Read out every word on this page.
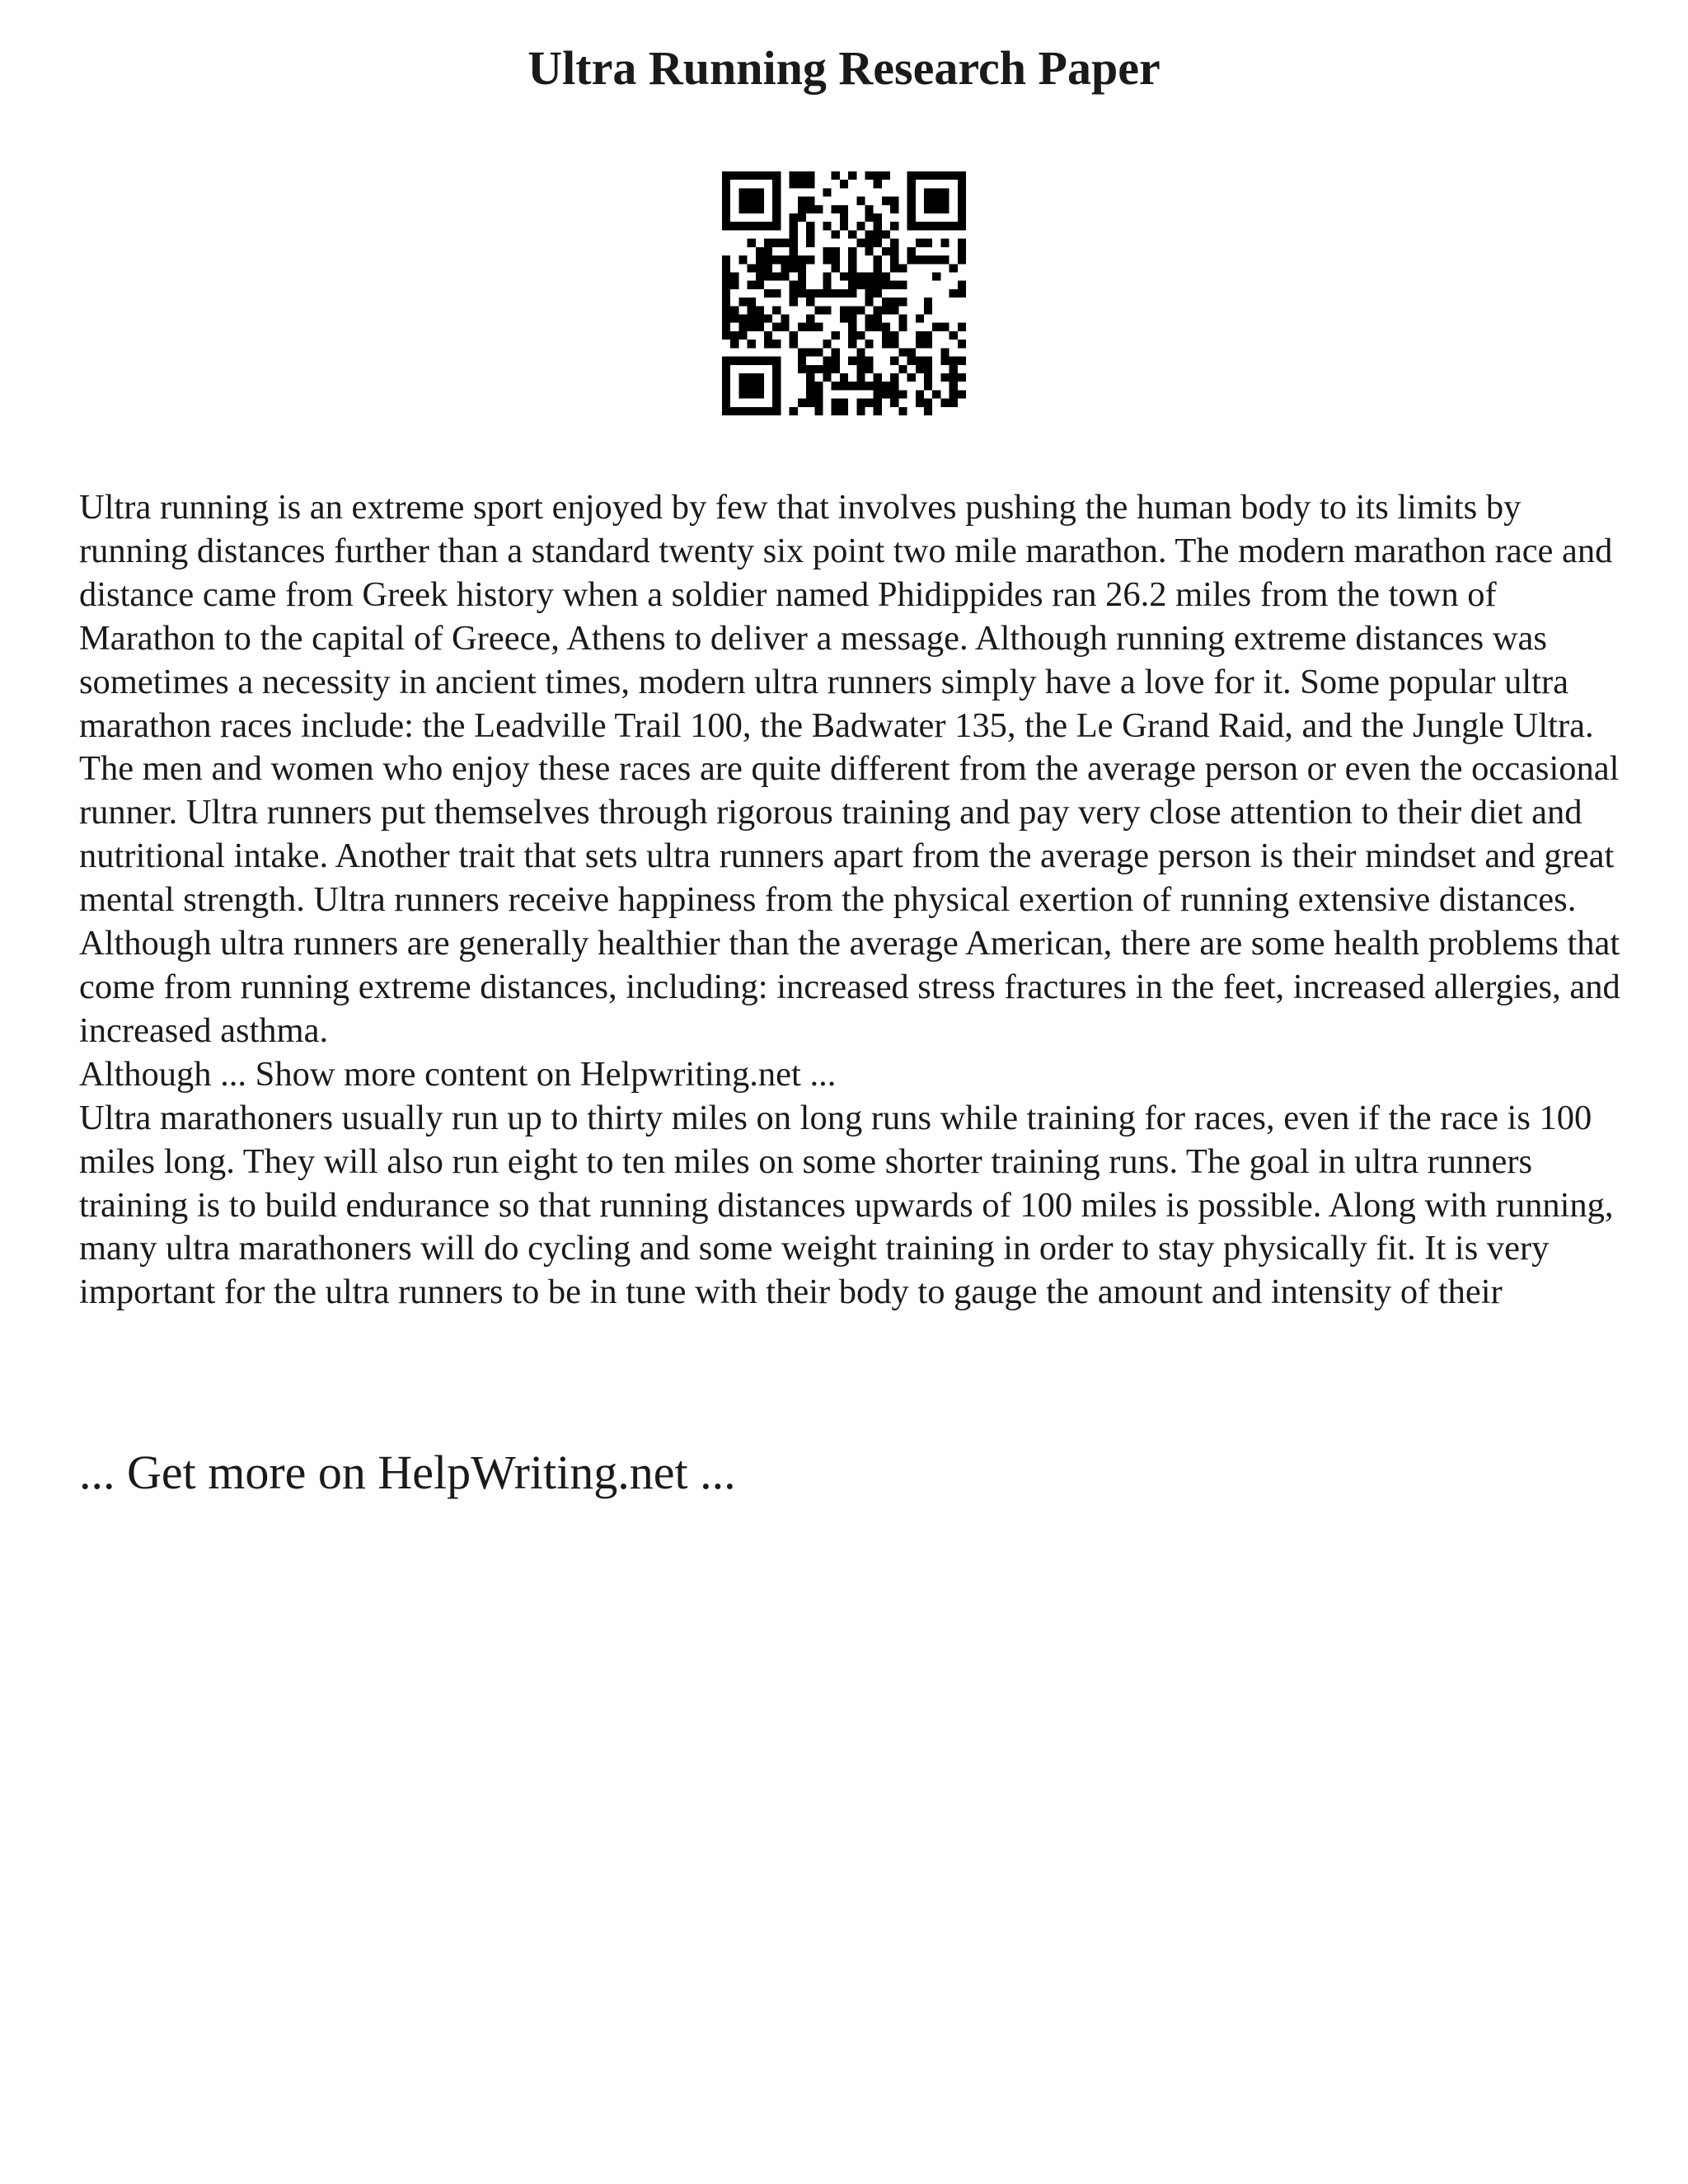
Ultra Running Research Paper

Ultra running is an extreme sport enjoyed by few that involves pushing the human body to its limits by running distances further than a standard twenty six point two mile marathon. The modern marathon race and distance came from Greek history when a soldier named Phidippides ran 26.2 miles from the town of Marathon to the capital of Greece, Athens to deliver a message. Although running extreme distances was sometimes a necessity in ancient times, modern ultra runners simply have a love for it. Some popular ultra marathon races include: the Leadville Trail 100, the Badwater 135, the Le Grand Raid, and the Jungle Ultra.

The men and women who enjoy these races are quite different from the average person or even the occasional runner. Ultra runners put themselves through rigorous training and pay very close attention to their diet and nutritional intake. Another trait that sets ultra runners apart from the average person is their mindset and great mental strength. Ultra runners receive happiness from the physical exertion of running extensive distances. Although ultra runners are generally healthier than the average American, there are some health problems that come from running extreme distances, including: increased stress fractures in the feet, increased allergies, and increased asthma.

Although ... Show more content on Helpwriting.net ...

Ultra marathoners usually run up to thirty miles on long runs while training for races, even if the race is 100 miles long. They will also run eight to ten miles on some shorter training runs. The goal in ultra runners training is to build endurance so that running distances upwards of 100 miles is possible. Along with running, many ultra marathoners will do cycling and some weight training in order to stay physically fit. It is very important for the ultra runners to be in tune with their body to gauge the amount and intensity of their

... Get more on HelpWriting.net ...
